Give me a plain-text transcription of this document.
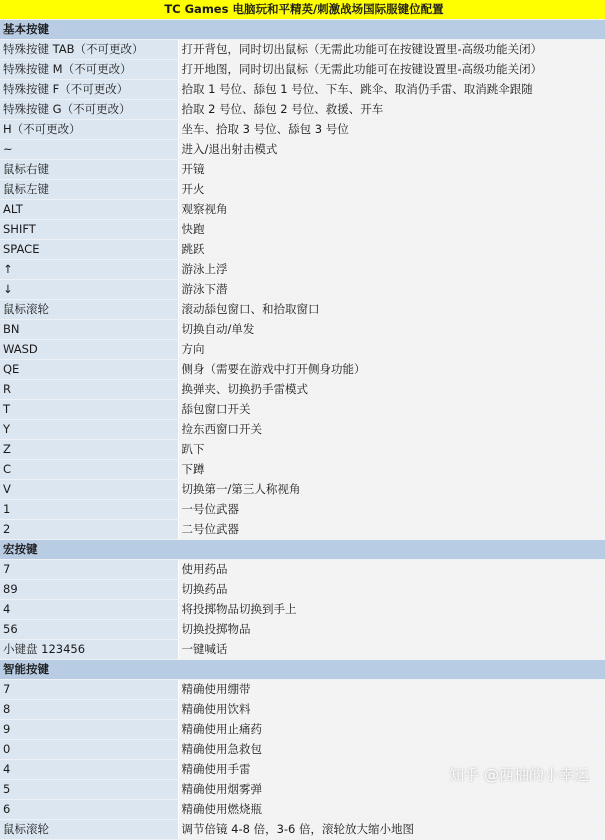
TC Games 电脑玩和平精英/刺激战场国际服键位配置	
基本按键	
特殊按键 TAB（不可更改）	打开背包，同时切出鼠标（无需此功能可在按键设置里-高级功能关闭）
特殊按键 M（不可更改）	打开地图，同时切出鼠标（无需此功能可在按键设置里-高级功能关闭）
特殊按键 F（不可更改）	拾取 1 号位、舔包 1 号位、下车、跳伞、取消仍手雷、取消跳伞跟随
特殊按键 G（不可更改）	拾取 2 号位、舔包 2 号位、救援、开车
H（不可更改）	坐车、拾取 3 号位、舔包 3 号位
~	进入/退出射击模式
鼠标右键	开镜
鼠标左键	开火
ALT	观察视角
SHIFT	快跑
SPACE	跳跃
↑	游泳上浮
↓	游泳下潜
鼠标滚轮	滚动舔包窗口、和拾取窗口
BN	切换自动/单发
WASD	方向
QE	侧身（需要在游戏中打开侧身功能）
R	换弹夹、切换扔手雷模式
T	舔包窗口开关
Y	捡东西窗口开关
Z	趴下
C	下蹲
V	切换第一/第三人称视角
1	一号位武器
2	二号位武器
宏按键	
7	使用药品
89	切换药品
4	将投掷物品切换到手上
56	切换投掷物品
小键盘 123456	一键喊话
智能按键	
7	精确使用绷带
8	精确使用饮料
9	精确使用止痛药
0	精确使用急救包
4	精确使用手雷
5	精确使用烟雾弹
6	精确使用燃烧瓶
鼠标滚轮	调节倍镜 4-8 倍，3-6 倍，滚轮放大缩小地图
知乎 @西柚的小幸运
